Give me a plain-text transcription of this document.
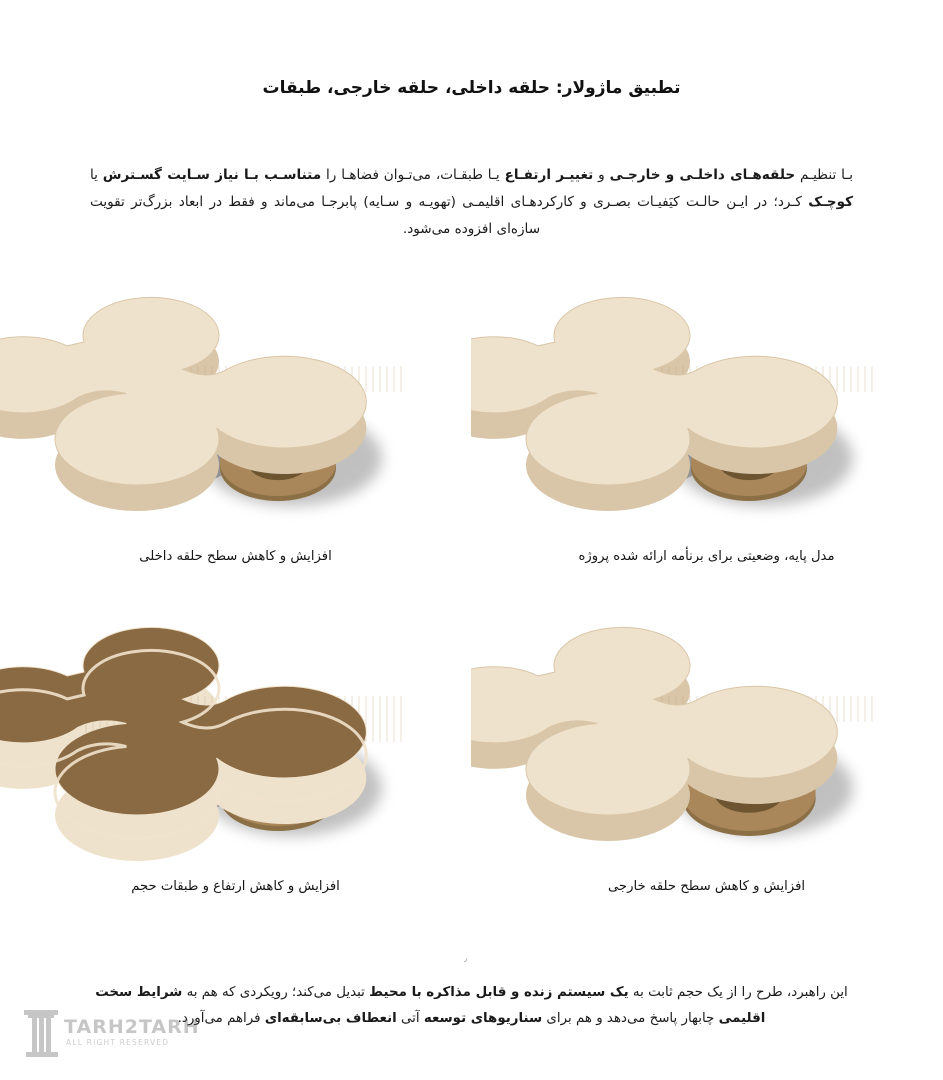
تطبیق ماژولار: حلقه داخلی، حلقه خارجی، طبقات
بـا تنظیـم حلقه‌هـای داخلـی و خارجـی و تغییـر ارتفـاع یـا طبقـات، می‌تـوان فضاهـا را متناسـب بـا نیاز سـایت گسـترش یا کوچـک کـرد؛ در ایـن حالـت کیَفیـات بصـری و کارکردهـای اقلیمـی (تهویـه و سـایه) پابرجـا می‌ماند و فقط در ابعاد بزرگ‌تر تقویت سازه‌ای افزوده می‌شود.
مدل پایه، وضعیتی برای برنأمه ارائه شده پروژه
افزایش و کاهش سطح حلقه داخلی
افزایش و کاهش سطح حلقه خارجی
افزایش و کاهش ارتفاع و طبقات حجم
٫
این راهبرد، طرح را از یک حجم ثابت به یک سیستم زنده و قابل مذاکره با محیط تبدیل می‌کند؛ رویکردی که هم به شرایط سخت اقلیمی چابهار پاسخ می‌دهد و هم برای سناریوهای توسعه آتی انعطاف بی‌سابقه‌ای فراهم می‌آورد.
TARH2TARH
ALL RIGHT RESERVED
